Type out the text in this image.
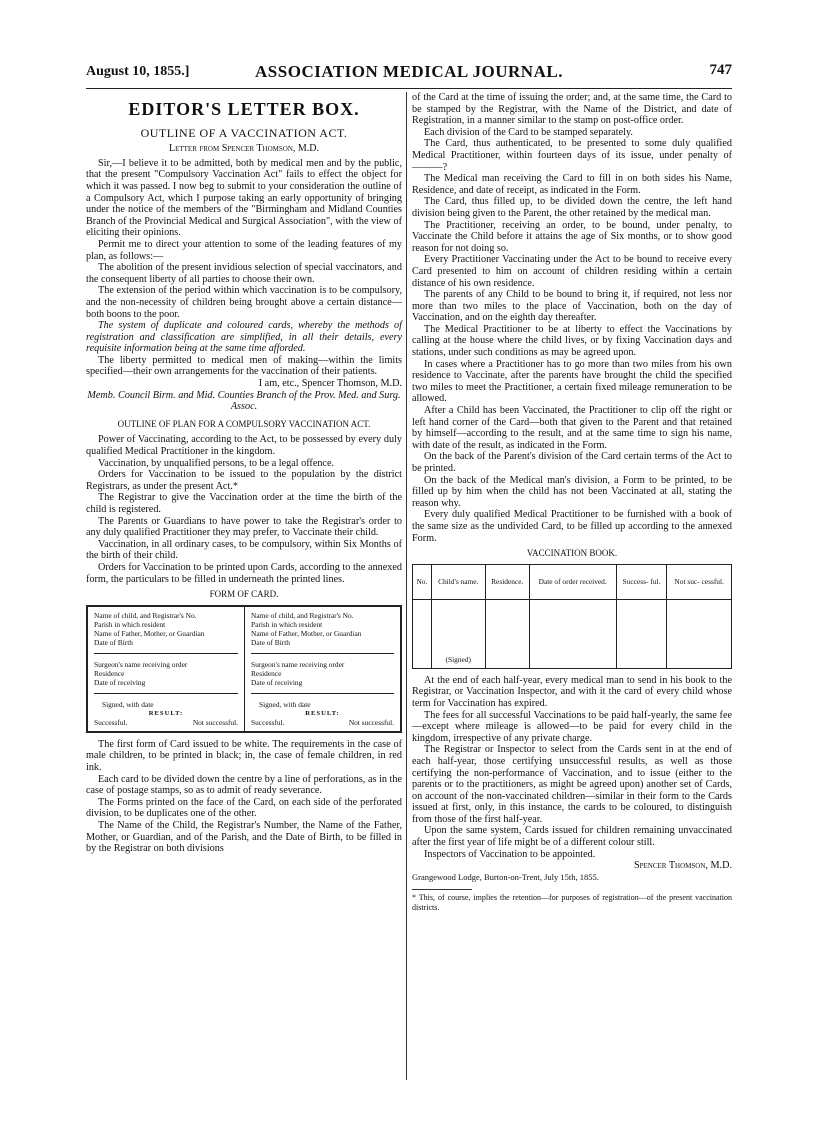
August 10, 1855.]	ASSOCIATION MEDICAL JOURNAL.	747
EDITOR'S LETTER BOX.
OUTLINE OF A VACCINATION ACT.
Letter from Spencer Thomson, M.D.

Sir,—I believe it to be admitted, both by medical men and by the public, that the present "Compulsory Vaccination Act" fails to effect the object for which it was passed. I now beg to submit to your consideration the outline of a Compulsory Act, which I purpose taking an early opportunity of bringing under the notice of the members of the "Birmingham and Midland Counties Branch of the Provincial Medical and Surgical Association", with the view of eliciting their opinions.

Permit me to direct your attention to some of the leading features of my plan, as follows:—

The abolition of the present invidious selection of special vaccinators, and the consequent liberty of all parties to choose their own.

The extension of the period within which vaccination is to be compulsory, and the non-necessity of children being brought above a certain distance—both boons to the poor.

The system of duplicate and coloured cards, whereby the methods of registration and classification are simplified, in all their details, every requisite information being at the same time afforded.

The liberty permitted to medical men of making—within the limits specified—their own arrangements for the vaccination of their patients.

I am, etc., Spencer Thomson, M.D.
Memb. Council Birm. and Mid. Counties Branch of the Prov. Med. and Surg. Assoc.
OUTLINE OF PLAN FOR A COMPULSORY VACCINATION ACT.

Power of Vaccinating, according to the Act, to be possessed by every duly qualified Medical Practitioner in the kingdom.

Vaccination, by unqualified persons, to be a legal offence.

Orders for Vaccination to be issued to the population by the district Registrars, as under the present Act.*

The Registrar to give the Vaccination order at the time the birth of the child is registered.

The Parents or Guardians to have power to take the Registrar's order to any duly qualified Practitioner they may prefer, to Vaccinate their child.

Vaccination, in all ordinary cases, to be compulsory, within Six Months of the birth of their child.

Orders for Vaccination to be printed upon Cards, according to the annexed form, the particulars to be filled in underneath the printed lines.

FORM OF CARD.
Name of child, and Registrar's No.
Parish in which resident
Name of Father, Mother, or Guardian
Date of Birth
Surgeon's name receiving order
Residence
Date of receiving
Signed, with date
RESULT:
Successful.	Not successful.
Name of child, and Registrar's No.
Parish in which resident
Name of Father, Mother, or Guardian
Date of Birth
Surgeon's name receiving order
Residence
Date of receiving
Signed, with date
RESULT:
Successful.	Not successful.

The first form of Card issued to be white. The requirements in the case of male children, to be printed in black; in, the case of female children, in red ink.

Each card to be divided down the centre by a line of perforations, as in the case of postage stamps, so as to admit of ready severance.

The Forms printed on the face of the Card, on each side of the perforated division, to be duplicates one of the other.

The Name of the Child, the Registrar's Number, the Name of the Father, Mother, or Guardian, and of the Parish, and the Date of Birth, to be filled in by the Registrar on both divisions

of the Card at the time of issuing the order; and, at the same time, the Card to be stamped by the Registrar, with the Name of the District, and date of Registration, in a manner similar to the stamp on post-office order.

Each division of the Card to be stamped separately.

The Card, thus authenticated, to be presented to some duly qualified Medical Practitioner, within fourteen days of its issue, under penalty of ———?

The Medical man receiving the Card to fill in on both sides his Name, Residence, and date of receipt, as indicated in the Form.

The Card, thus filled up, to be divided down the centre, the left hand division being given to the Parent, the other retained by the medical man.

The Practitioner, receiving an order, to be bound, under penalty, to Vaccinate the Child before it attains the age of Six months, or to show good reason for not doing so.

Every Practitioner Vaccinating under the Act to be bound to receive every Card presented to him on account of children residing within a certain distance of his own residence.

The parents of any Child to be bound to bring it, if required, not less nor more than two miles to the place of Vaccination, both on the day of Vaccination, and on the eighth day thereafter.

The Medical Practitioner to be at liberty to effect the Vaccinations by calling at the house where the child lives, or by fixing Vaccination days and stations, under such conditions as may be agreed upon.

In cases where a Practitioner has to go more than two miles from his own residence to Vaccinate, after the parents have brought the child the specified two miles to meet the Practitioner, a certain fixed mileage remuneration to be allowed.

After a Child has been Vaccinated, the Practitioner to clip off the right or left hand corner of the Card—both that given to the Parent and that retained by himself—according to the result, and at the same time to sign his name, with date of the result, as indicated in the Form.

On the back of the Parent's division of the Card certain terms of the Act to be printed.

On the back of the Medical man's division, a Form to be printed, to be filled up by him when the child has not been Vaccinated at all, stating the reason why.

Every duly qualified Medical Practitioner to be furnished with a book of the same size as the undivided Card, to be filled up according to the annexed Form.

VACCINATION BOOK.
No.	Child's name.	Residence.	Date of order received.	Success- ful.	Not suc- cessful.
	(Signed)				

At the end of each half-year, every medical man to send in his book to the Registrar, or Vaccination Inspector, and with it the card of every child whose term for Vaccination has expired.

The fees for all successful Vaccinations to be paid half-yearly, the same fee—except where mileage is allowed—to be paid for every child in the kingdom, irrespective of any private charge.

The Registrar or Inspector to select from the Cards sent in at the end of each half-year, those certifying unsuccessful results, as well as those certifying the non-performance of Vaccination, and to issue (either to the parents or to the practitioners, as might be agreed upon) another set of Cards, on account of the non-vaccinated children—similar in their form to the Cards issued at first, only, in this instance, the cards to be coloured, to distinguish from those of the first half-year.

Upon the same system, Cards issued for children remaining unvaccinated after the first year of life might be of a different colour still.

Inspectors of Vaccination to be appointed.

Spencer Thomson, M.D.
Grangewood Lodge, Burton-on-Trent, July 15th, 1855.
* This, of course, implies the retention—for purposes of registration—of the present vaccination districts.
